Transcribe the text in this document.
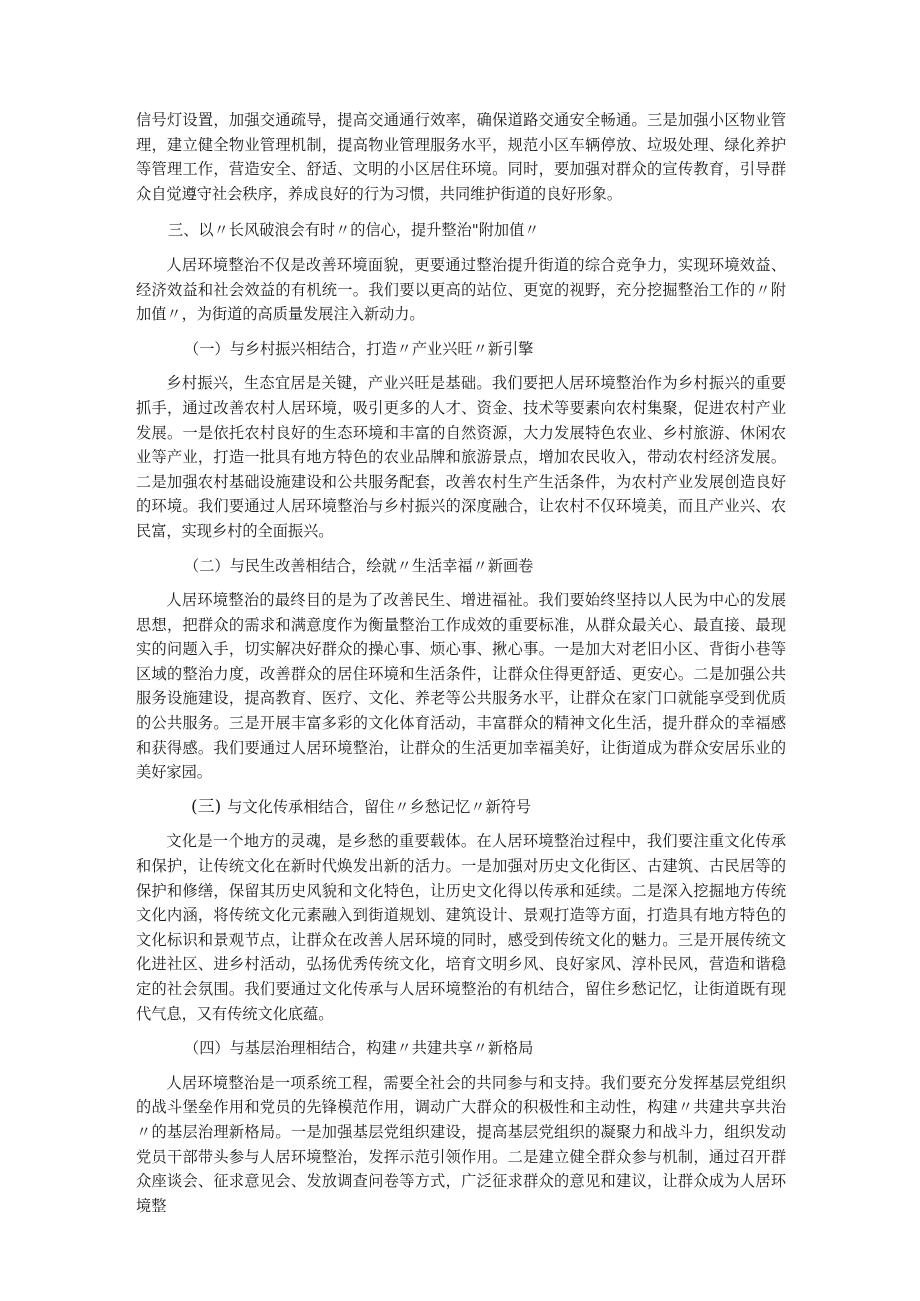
信号灯设置，加强交通疏导，提高交通通行效率，确保道路交通安全畅通。三是加强小区物业管理，建立健全物业管理机制，提高物业管理服务水平，规范小区车辆停放、垃圾处理、绿化养护等管理工作，营造安全、舒适、文明的小区居住环境。同时，要加强对群众的宣传教育，引导群众自觉遵守社会秩序，养成良好的行为习惯，共同维护街道的良好形象。

三、以〃长风破浪会有时〃的信心，提升整治"附加值〃

人居环境整治不仅是改善环境面貌，更要通过整治提升街道的综合竞争力，实现环境效益、经济效益和社会效益的有机统一。我们要以更高的站位、更宽的视野，充分挖掘整治工作的〃附加值〃，为街道的高质量发展注入新动力。

（一）与乡村振兴相结合，打造〃产业兴旺〃新引擎

乡村振兴，生态宜居是关键，产业兴旺是基础。我们要把人居环境整治作为乡村振兴的重要抓手，通过改善农村人居环境，吸引更多的人才、资金、技术等要素向农村集聚，促进农村产业发展。一是依托农村良好的生态环境和丰富的自然资源，大力发展特色农业、乡村旅游、休闲农业等产业，打造一批具有地方特色的农业品牌和旅游景点，增加农民收入，带动农村经济发展。二是加强农村基础设施建设和公共服务配套，改善农村生产生活条件，为农村产业发展创造良好的环境。我们要通过人居环境整治与乡村振兴的深度融合，让农村不仅环境美，而且产业兴、农民富，实现乡村的全面振兴。

（二）与民生改善相结合，绘就〃生活幸福〃新画卷

人居环境整治的最终目的是为了改善民生、增进福祉。我们要始终坚持以人民为中心的发展思想，把群众的需求和满意度作为衡量整治工作成效的重要标准，从群众最关心、最直接、最现实的问题入手，切实解决好群众的操心事、烦心事、揪心事。一是加大对老旧小区、背街小巷等区域的整治力度，改善群众的居住环境和生活条件，让群众住得更舒适、更安心。二是加强公共服务设施建设，提高教育、医疗、文化、养老等公共服务水平，让群众在家门口就能享受到优质的公共服务。三是开展丰富多彩的文化体育活动，丰富群众的精神文化生活，提升群众的幸福感和获得感。我们要通过人居环境整治，让群众的生活更加幸福美好，让街道成为群众安居乐业的美好家园。

(三) 与文化传承相结合，留住〃乡愁记忆〃新符号

文化是一个地方的灵魂，是乡愁的重要载体。在人居环境整治过程中，我们要注重文化传承和保护，让传统文化在新时代焕发出新的活力。一是加强对历史文化街区、古建筑、古民居等的保护和修缮，保留其历史风貌和文化特色，让历史文化得以传承和延续。二是深入挖掘地方传统文化内涵，将传统文化元素融入到街道规划、建筑设计、景观打造等方面，打造具有地方特色的文化标识和景观节点，让群众在改善人居环境的同时，感受到传统文化的魅力。三是开展传统文化进社区、进乡村活动，弘扬优秀传统文化，培育文明乡风、良好家风、淳朴民风，营造和谐稳定的社会氛围。我们要通过文化传承与人居环境整治的有机结合，留住乡愁记忆，让街道既有现代气息，又有传统文化底蕴。

（四）与基层治理相结合，构建〃共建共享〃新格局

人居环境整治是一项系统工程，需要全社会的共同参与和支持。我们要充分发挥基层党组织的战斗堡垒作用和党员的先锋模范作用，调动广大群众的积极性和主动性，构建〃共建共享共治〃的基层治理新格局。一是加强基层党组织建设，提高基层党组织的凝聚力和战斗力，组织发动党员干部带头参与人居环境整治，发挥示范引领作用。二是建立健全群众参与机制，通过召开群众座谈会、征求意见会、发放调查问卷等方式，广泛征求群众的意见和建议，让群众成为人居环境整
